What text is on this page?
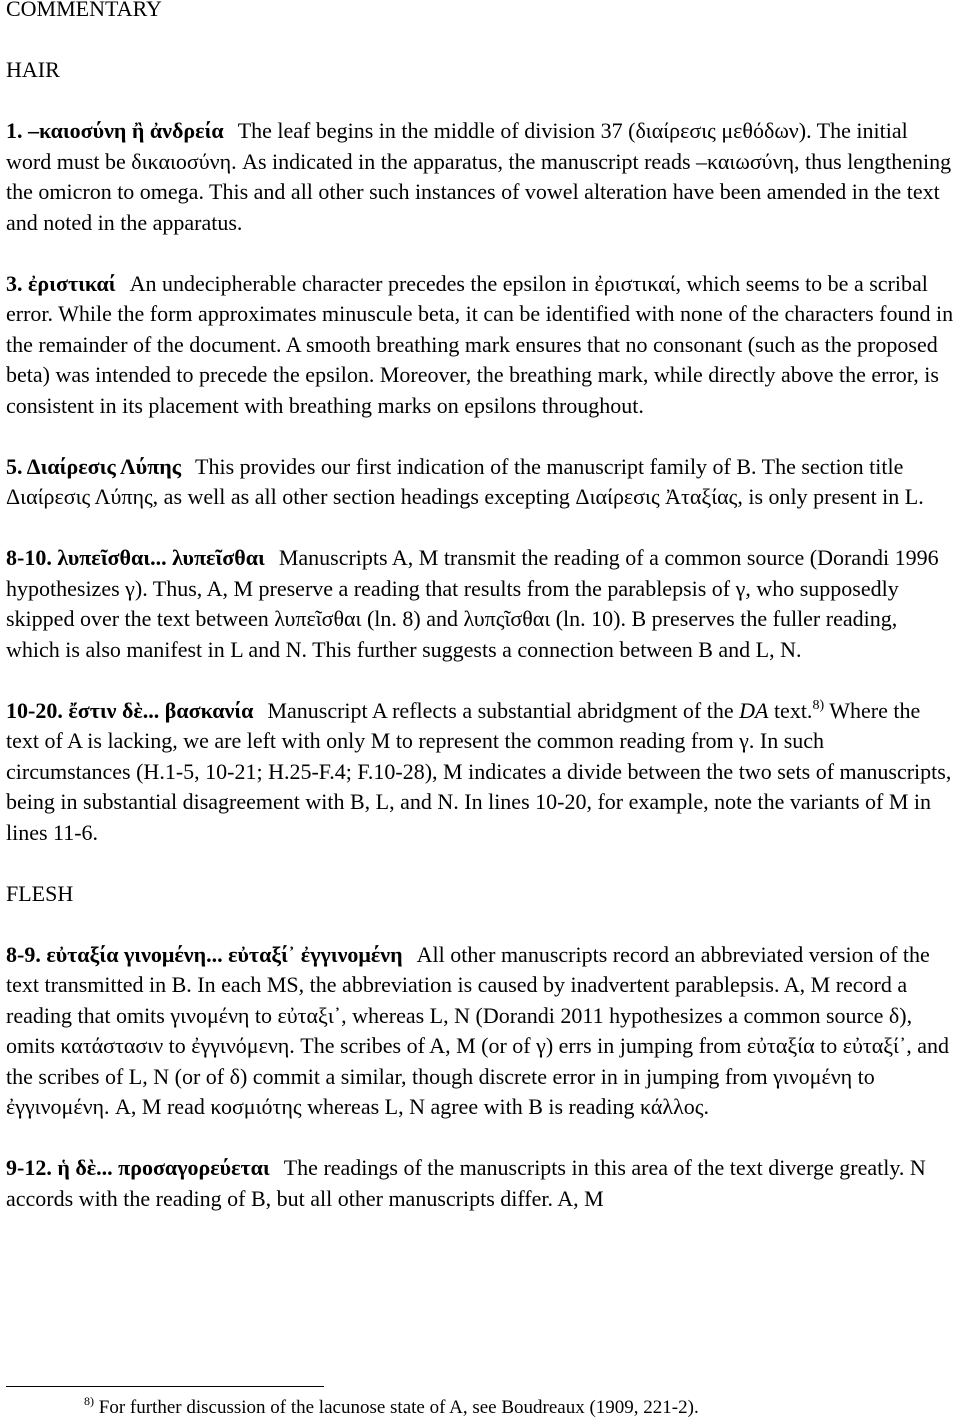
COMMENTARY

HAIR

1. –καιοσύνη ἢ ἀνδρεία The leaf begins in the middle of division 37 (διαίρεσις μεθόδων). The initial word must be δικαιοσύνη. As indicated in the apparatus, the manuscript reads –καιωσύνη, thus lengthening the omicron to omega. This and all other such instances of vowel alteration have been amended in the text and noted in the apparatus.

3. ἐριστικαί An undecipherable character precedes the epsilon in ἐριστικαί, which seems to be a scribal error. While the form approximates minuscule beta, it can be identified with none of the characters found in the remainder of the document. A smooth breathing mark ensures that no consonant (such as the proposed beta) was intended to precede the epsilon. Moreover, the breathing mark, while directly above the error, is consistent in its placement with breathing marks on epsilons throughout.

5. Διαίρεσις Λύπης This provides our first indication of the manuscript family of B. The section title Διαίρεσις Λύπης, as well as all other section headings excepting Διαίρεσις Ἀταξίας, is only present in L.

8-10. λυπεῖσθαι... λυπεῖσθαι Manuscripts A, M transmit the reading of a common source (Dorandi 1996 hypothesizes γ). Thus, A, M preserve a reading that results from the parablepsis of γ, who supposedly skipped over the text between λυπεῖσθαι (ln. 8) and λυπςῖσθαι (ln. 10). B preserves the fuller reading, which is also manifest in L and N. This further suggests a connection between B and L, N.

10-20. ἔστιν δὲ... βασκανία Manuscript A reflects a substantial abridgment of the DA text.$^{8)}$ Where the text of A is lacking, we are left with only M to represent the common reading from γ. In such circumstances (H.1-5, 10-21; H.25-F.4; F.10-28), M indicates a divide between the two sets of manuscripts, being in substantial disagreement with B, L, and N. In lines 10-20, for example, note the variants of M in lines 11-6.

FLESH

8-9. εὐταξία γινομένη... εὐταξί᾽ ἐγγινομένη All other manuscripts record an abbreviated version of the text transmitted in B. In each MS, the abbreviation is caused by inadvertent parablepsis. A, M record a reading that omits γινομένη to εὐταξι᾽, whereas L, N (Dorandi 2011 hypothesizes a common source δ), omits κατάστασιν to ἐγγινόμενη. The scribes of A, M (or of γ) errs in jumping from εὐταξία to εὐταξί᾽, and the scribes of L, N (or of δ) commit a similar, though discrete error in in jumping from γινομένη to ἐγγινομένη. A, M read κοσμιότης whereas L, N agree with B is reading κάλλος.

9-12. ἡ δὲ... προσαγορεύεται The readings of the manuscripts in this area of the text diverge greatly. N accords with the reading of B, but all other manuscripts differ. A, M

$^{8)}$ For further discussion of the lacunose state of A, see Boudreaux (1909, 221-2).
